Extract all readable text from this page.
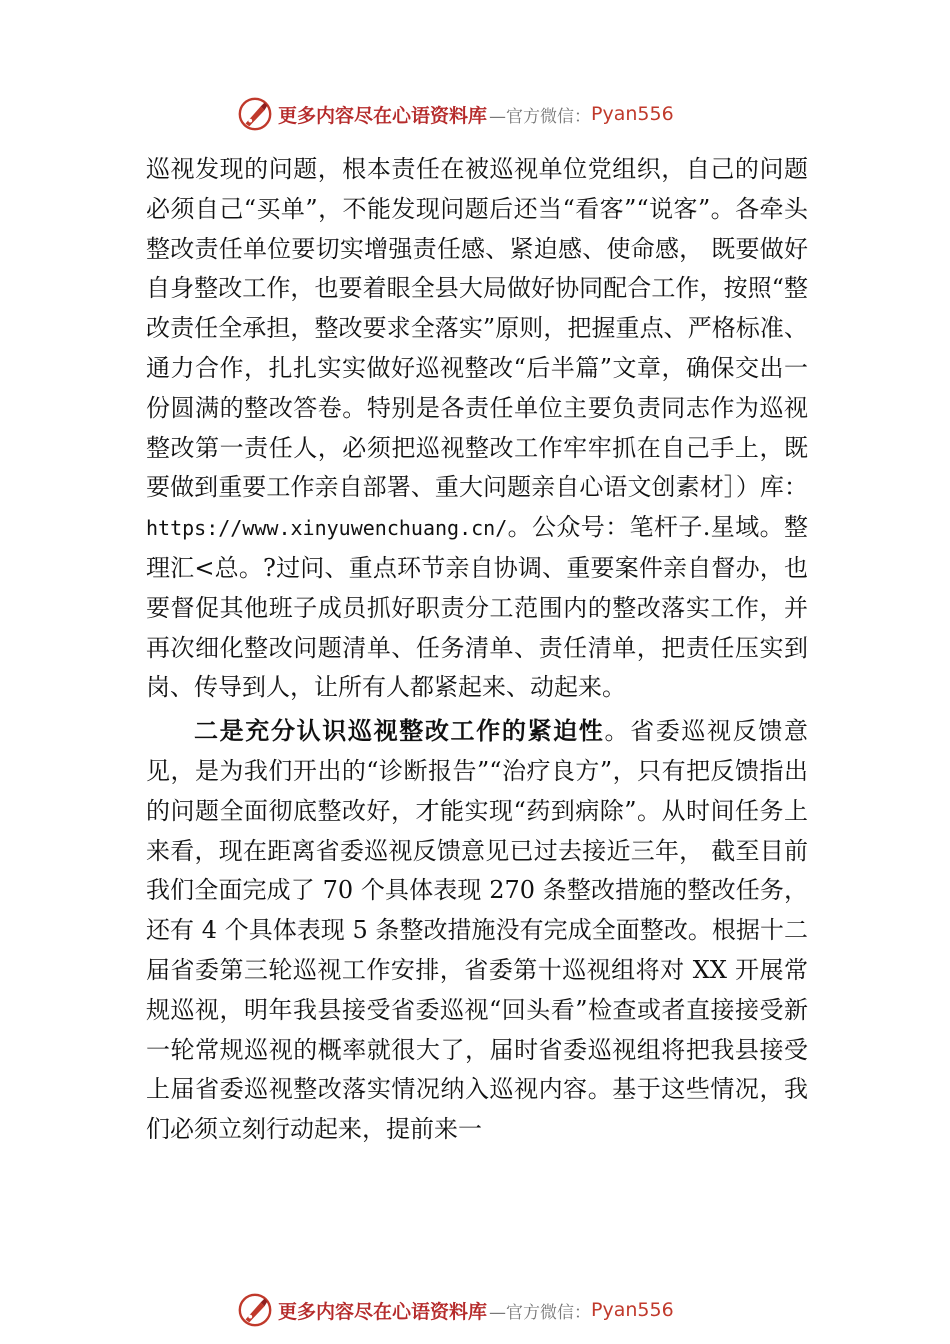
更多内容尽在心语资料库 —官方微信： Pyan556

巡视发现的问题，根本责任在被巡视单位党组织，自己的问题必须自己“买单”，不能发现问题后还当“看客”“说客”。各牵头整改责任单位要切实增强责任感、紧迫感、使命感， 既要做好自身整改工作，也要着眼全县大局做好协同配合工作，按照“整改责任全承担，整改要求全落实”原则，把握重点、严格标准、通力合作，扎扎实实做好巡视整改“后半篇”文章，确保交出一份圆满的整改答卷。特别是各责任单位主要负责同志作为巡视整改第一责任人，必须把巡视整改工作牢牢抓在自己手上，既要做到重要工作亲自部署、重大问题亲自心语文创素材］）库：https://www.xinyuwenchuang.cn/。公众号：笔杆子.星域。整理汇<总。?过问、重点环节亲自协调、重要案件亲自督办，也要督促其他班子成员抓好职责分工范围内的整改落实工作，并再次细化整改问题清单、任务清单、责任清单，把责任压实到岗、传导到人，让所有人都紧起来、动起来。

二是充分认识巡视整改工作的紧迫性。省委巡视反馈意见，是为我们开出的“诊断报告”“治疗良方”，只有把反馈指出的问题全面彻底整改好，才能实现“药到病除”。从时间任务上来看，现在距离省委巡视反馈意见已过去接近三年， 截至目前我们全面完成了 70 个具体表现 270 条整改措施的整改任务，还有 4 个具体表现 5 条整改措施没有完成全面整改。根据十二届省委第三轮巡视工作安排，省委第十巡视组将对 XX 开展常规巡视，明年我县接受省委巡视“回头看”检查或者直接接受新一轮常规巡视的概率就很大了，届时省委巡视组将把我县接受上届省委巡视整改落实情况纳入巡视内容。基于这些情况，我们必须立刻行动起来，提前来一

更多内容尽在心语资料库 —官方微信： Pyan556
